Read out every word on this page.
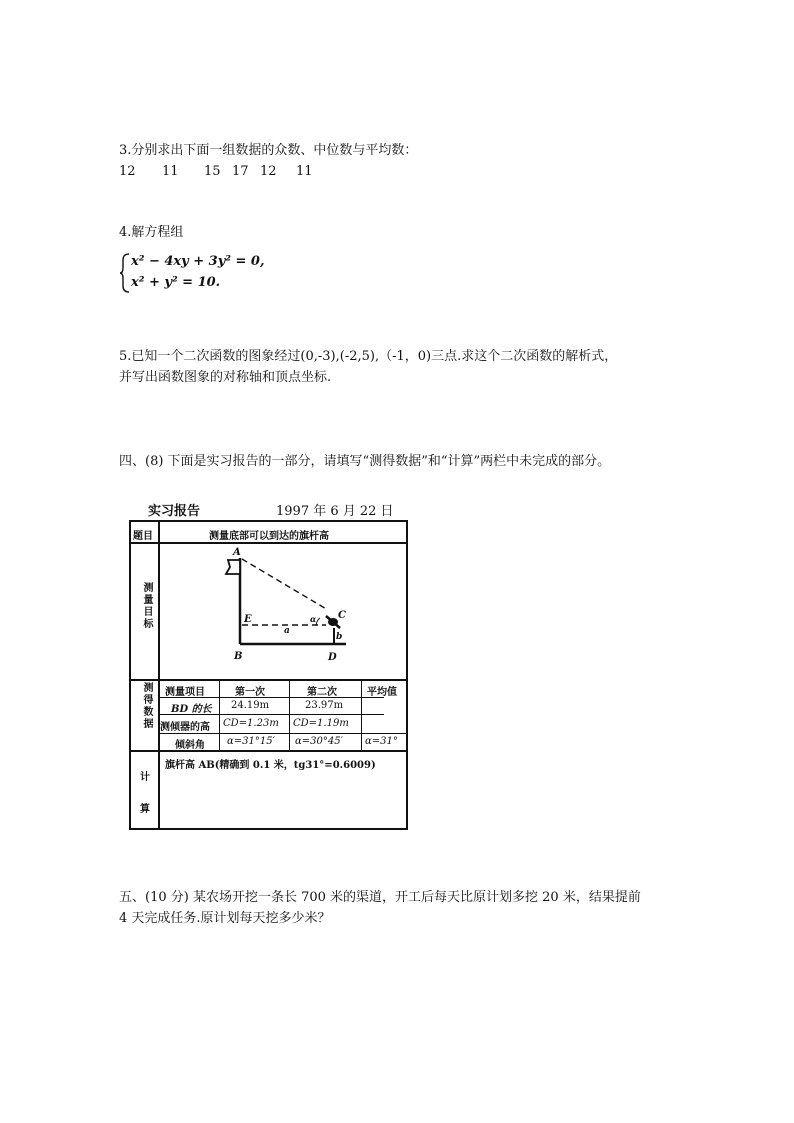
3.分别求出下面一组数据的众数、中位数与平均数：

12 11 15 17 12 11

4.解方程组

x² − 4xy + 3y² = 0,
x² + y² = 10.

5.已知一个二次函数的图象经过(0,-3),(-2,5),（-1，0)三点.求这个二次函数的解析式，

并写出函数图象的对称轴和顶点坐标.

四、(8) 下面是实习报告的一部分，请填写“测得数据”和“计算”两栏中未完成的部分。

实习报告	1997 年 6 月 22 日
题目	测量底部可以到达的旗杆高
测量目标
A
B
C
D
E
a
α
b
测得数据 测量项目	第一次	第二次	平均值
BD 的长 24.19m	23.97m
测倾器的高 CD=1.23m CD=1.19m
倾斜角 α=31°15′ α=30°45′ α=31°
计
算
旗杆高 AB(精确到 0.1 米，tg31°=0.6009)

五、(10 分) 某农场开挖一条长 700 米的渠道，开工后每天比原计划多挖 20 米，结果提前

4 天完成任务.原计划每天挖多少米？
